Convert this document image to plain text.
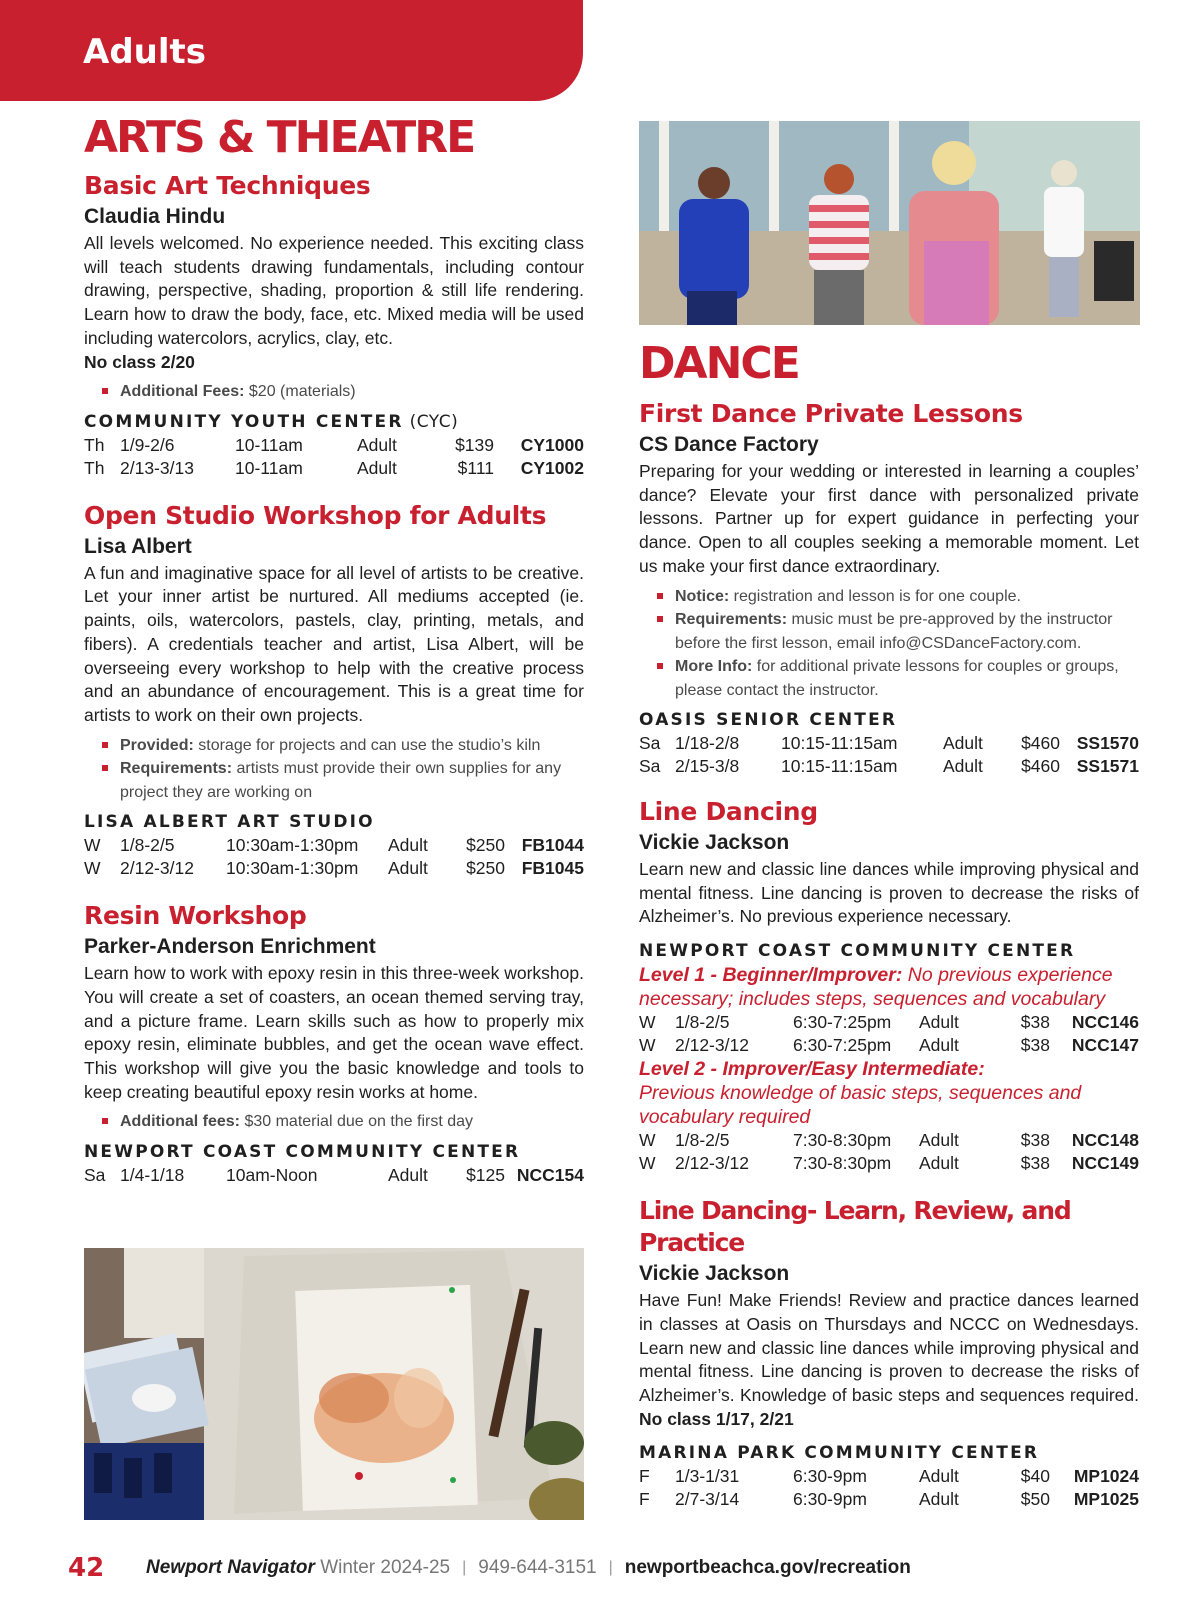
Adults
ARTS & THEATRE
Basic Art Techniques
Claudia Hindu

All levels welcomed. No experience needed. This exciting class will teach students drawing fundamentals, including contour drawing, perspective, shading, proportion & still life rendering. Learn how to draw the body, face, etc. Mixed media will be used including watercolors, acrylics, clay, etc.
No class 2/20

Additional Fees: $20 (materials)
COMMUNITY YOUTH CENTER (CYC)
Th	1/9-2/6	10-11am	Adult	$139	CY1000
Th	2/13-3/13	10-11am	Adult	$111	CY1002
Open Studio Workshop for Adults
Lisa Albert

A fun and imaginative space for all level of artists to be creative. Let your inner artist be nurtured. All mediums accepted (ie. paints, oils, watercolors, pastels, clay, printing, metals, and fibers). A credentials teacher and artist, Lisa Albert, will be overseeing every workshop to help with the creative process and an abundance of encouragement. This is a great time for artists to work on their own projects.

Provided: storage for projects and can use the studio’s kiln
Requirements: artists must provide their own supplies for any project they are working on
LISA ALBERT ART STUDIO
W	1/8-2/5	10:30am-1:30pm	Adult	$250	FB1044
W	2/12-3/12	10:30am-1:30pm	Adult	$250	FB1045
Resin Workshop
Parker-Anderson Enrichment

Learn how to work with epoxy resin in this three-week workshop. You will create a set of coasters, an ocean themed serving tray, and a picture frame. Learn skills such as how to properly mix epoxy resin, eliminate bubbles, and get the ocean wave effect. This workshop will give you the basic knowledge and tools to keep creating beautiful epoxy resin works at home.

Additional fees: $30 material due on the first day
NEWPORT COAST COMMUNITY CENTER
Sa	1/4-1/18	10am-Noon	Adult	$125	NCC154
DANCE
First Dance Private Lessons
CS Dance Factory

Preparing for your wedding or interested in learning a couples’ dance? Elevate your first dance with personalized private lessons. Partner up for expert guidance in perfecting your dance. Open to all couples seeking a memorable moment. Let us make your first dance extraordinary.

Notice: registration and lesson is for one couple.
Requirements: music must be pre-approved by the instructor before the first lesson, email info@CSDanceFactory.com.
More Info: for additional private lessons for couples or groups, please contact the instructor.
OASIS SENIOR CENTER
Sa	1/18-2/8	10:15-11:15am	Adult	$460	SS1570
Sa	2/15-3/8	10:15-11:15am	Adult	$460	SS1571
Line Dancing
Vickie Jackson

Learn new and classic line dances while improving physical and mental fitness. Line dancing is proven to decrease the risks of Alzheimer’s. No previous experience necessary.

NEWPORT COAST COMMUNITY CENTER
Level 1 - Beginner/Improver: No previous experience necessary; includes steps, sequences and vocabulary
W	1/8-2/5	6:30-7:25pm	Adult	$38	NCC146
W	2/12-3/12	6:30-7:25pm	Adult	$38	NCC147
Level 2 - Improver/Easy Intermediate:
Previous knowledge of basic steps, sequences and vocabulary required
W	1/8-2/5	7:30-8:30pm	Adult	$38	NCC148
W	2/12-3/12	7:30-8:30pm	Adult	$38	NCC149
Line Dancing- Learn, Review, and Practice
Vickie Jackson

Have Fun! Make Friends! Review and practice dances learned in classes at Oasis on Thursdays and NCCC on Wednesdays. Learn new and classic line dances while improving physical and mental fitness. Line dancing is proven to decrease the risks of Alzheimer’s. Knowledge of basic steps and sequences required. No class 1/17, 2/21

MARINA PARK COMMUNITY CENTER
F	1/3-1/31	6:30-9pm	Adult	$40	MP1024
F	2/7-3/14	6:30-9pm	Adult	$50	MP1025
42	Newport Navigator Winter 2024-25 | 949-644-3151 | newportbeachca.gov/recreation
